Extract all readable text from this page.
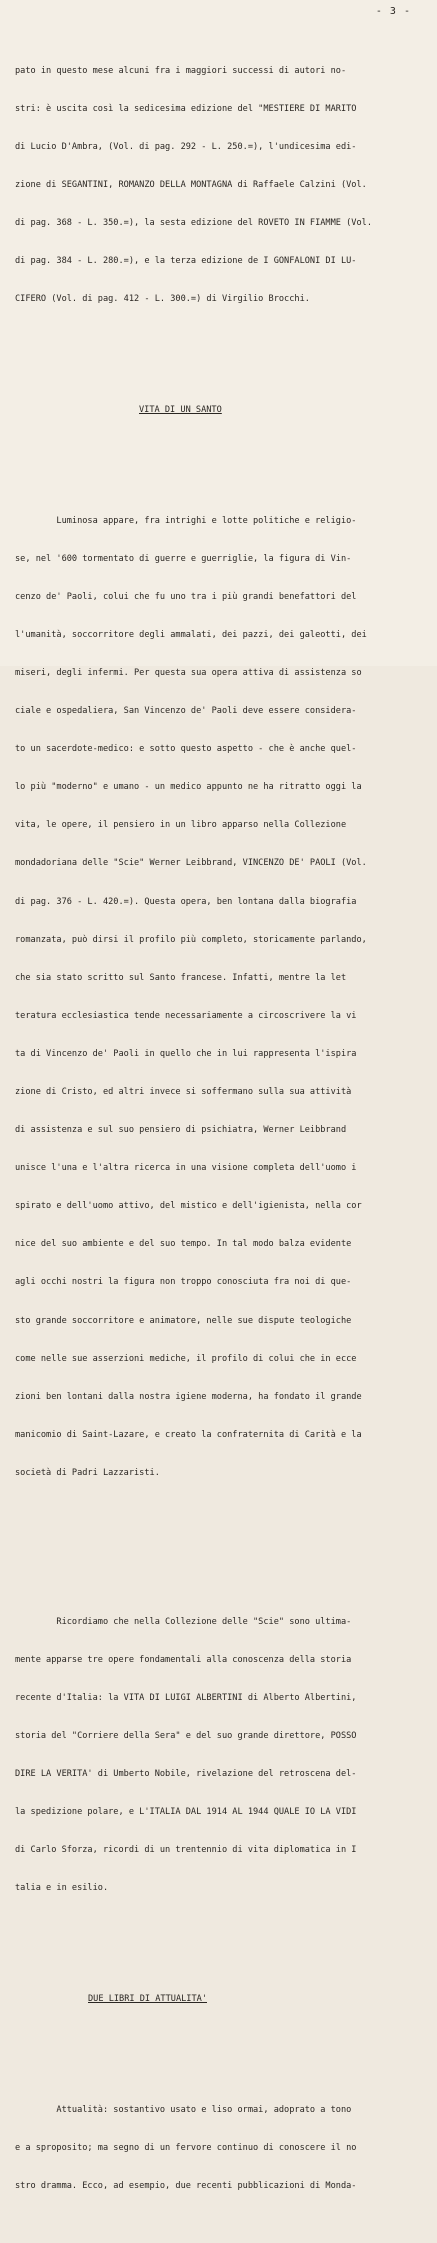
- 3 -

pato in questo mese alcuni fra i maggiori successi di autori no-

stri: è uscita così la sedicesima edizione del "MESTIERE DI MARITO

di Lucio D'Ambra, (Vol. di pag. 292 - L. 250.=), l'undicesima edi-

zione di SEGANTINI, ROMANZO DELLA MONTAGNA di Raffaele Calzini (Vol.

di pag. 368 - L. 350.=), la sesta edizione del ROVETO IN FIAMME (Vol.

di pag. 384 - L. 280.=), e la terza edizione de I GONFALONI DI LU-

CIFERO (Vol. di pag. 412 - L. 300.=) di Virgilio Brocchi.

VITA DI UN SANTO

Luminosa appare, fra intrighi e lotte politiche e religio-

se, nel '600 tormentato di guerre e guerriglie, la figura di Vin-

cenzo de' Paoli, colui che fu uno tra i più grandi benefattori del

l'umanità, soccorritore degli ammalati, dei pazzi, dei galeotti, dei

miseri, degli infermi. Per questa sua opera attiva di assistenza so

ciale e ospedaliera, San Vincenzo de' Paoli deve essere considera-

to un sacerdote-medico: e sotto questo aspetto - che è anche quel-

lo più "moderno" e umano - un medico appunto ne ha ritratto oggi la

vita, le opere, il pensiero in un libro apparso nella Collezione

mondadoriana delle "Scie" Werner Leibbrand, VINCENZO DE' PAOLI (Vol.

di pag. 376 - L. 420.=). Questa opera, ben lontana dalla biografia

romanzata, può dirsi il profilo più completo, storicamente parlando,

che sia stato scritto sul Santo francese. Infatti, mentre la let

teratura ecclesiastica tende necessariamente a circoscrivere la vi

ta di Vincenzo de' Paoli in quello che in lui rappresenta l'ispira

zione di Cristo, ed altri invece si soffermano sulla sua attività

di assistenza e sul suo pensiero di psichiatra, Werner Leibbrand

unisce l'una e l'altra ricerca in una visione completa dell'uomo i

spirato e dell'uomo attivo, del mistico e dell'igienista, nella cor

nice del suo ambiente e del suo tempo. In tal modo balza evidente

agli occhi nostri la figura non troppo conosciuta fra noi di que-

sto grande soccorritore e animatore, nelle sue dispute teologiche

come nelle sue asserzioni mediche, il profilo di colui che in ecce

zioni ben lontani dalla nostra igiene moderna, ha fondato il grande

manicomio di Saint-Lazare, e creato la confraternita di Carità e la

società di Padri Lazzaristi.

Ricordiamo che nella Collezione delle "Scie" sono ultima-

mente apparse tre opere fondamentali alla conoscenza della storia

recente d'Italia: la VITA DI LUIGI ALBERTINI di Alberto Albertini,

storia del "Corriere della Sera" e del suo grande direttore, POSSO

DIRE LA VERITA' di Umberto Nobile, rivelazione del retroscena del-

la spedizione polare, e L'ITALIA DAL 1914 AL 1944 QUALE IO LA VIDI

di Carlo Sforza, ricordi di un trentennio di vita diplomatica in I

talia e in esilio.

DUE LIBRI DI ATTUALITA'

Attualità: sostantivo usato e liso ormai, adoprato a tono

e a sproposito; ma segno di un fervore continuo di conoscere il no

stro dramma. Ecco, ad esempio, due recenti pubblicazioni di Monda-
